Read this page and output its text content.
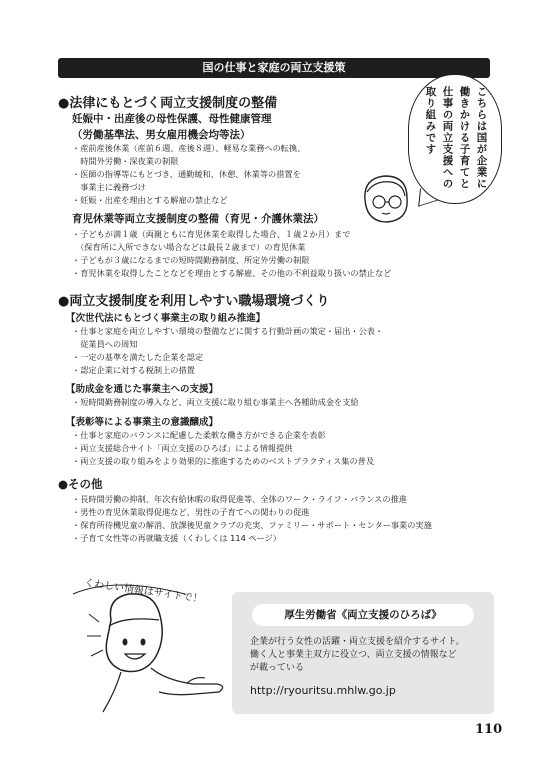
国の仕事と家庭の両立支援策
こちらは国が企業に
働きかける子育てと
仕事の両立支援への
取り組みです
●法律にもとづく両立支援制度の整備
妊娠中・出産後の母性保護、母性健康管理
（労働基準法、男女雇用機会均等法）
・産前産後休業（産前６週、産後８週）、軽易な業務への転換、
　時間外労働・深夜業の制限
・医師の指導等にもとづき、通勤緩和、休憩、休業等の措置を
　事業主に義務づけ
・妊娠・出産を理由とする解雇の禁止など
育児休業等両立支援制度の整備（育児・介護休業法）
・子どもが満１歳（両親ともに育児休業を取得した場合、１歳２か月）まで
　（保育所に入所できない場合などは最長２歳まで）の育児休業
・子どもが３歳になるまでの短時間勤務制度、所定外労働の制限
・育児休業を取得したことなどを理由とする解雇、その他の不利益取り扱いの禁止など
●両立支援制度を利用しやすい職場環境づくり
【次世代法にもとづく事業主の取り組み推進】
・仕事と家庭を両立しやすい環境の整備などに関する行動計画の策定・届出・公表・
　従業員への周知
・一定の基準を満たした企業を認定
・認定企業に対する税制上の措置
【助成金を通じた事業主への支援】
・短時間勤務制度の導入など、両立支援に取り組む事業主へ各種助成金を支給
【表彰等による事業主の意識醸成】
・仕事と家庭のバランスに配慮した柔軟な働き方ができる企業を表彰
・両立支援総合サイト「両立支援のひろば」による情報提供
・両立支援の取り組みをより効果的に推進するためのベストプラクティス集の普及
●その他
・長時間労働の抑制、年次有給休暇の取得促進等、全体のワーク・ライフ・バランスの推進
・男性の育児休業取得促進など、男性の子育てへの関わりの促進
・保育所待機児童の解消、放課後児童クラブの充実、ファミリー・サポート・センター事業の実施
・子育て女性等の再就職支援（くわしくは 114 ページ）
くわしい情報はサイトで！
厚生労働省《両立支援のひろば》
企業が行う女性の活躍・両立支援を紹介するサイト。
働く人と事業主双方に役立つ、両立支援の情報など
が載っている
http://ryouritsu.mhlw.go.jp
110
